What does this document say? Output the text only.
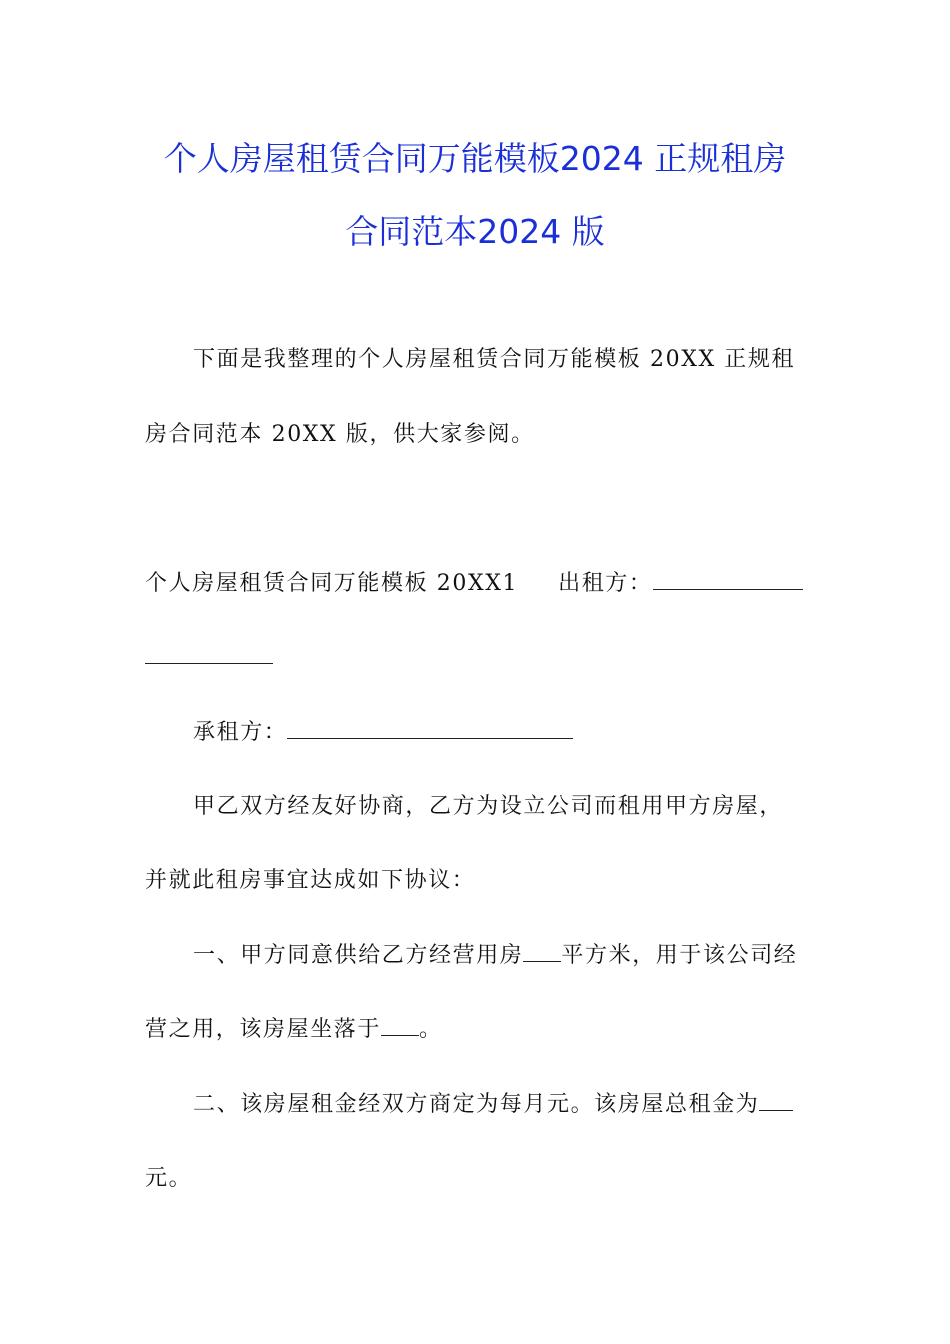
个人房屋租赁合同万能模板2024 正规租房
合同范本2024 版
下面是我整理的个人房屋租赁合同万能模板 20XX 正规租
房合同范本 20XX 版，供大家参阅。
个人房屋租赁合同万能模板 20XX1 出租方：
承租方：
甲乙双方经友好协商，乙方为设立公司而租用甲方房屋，
并就此租房事宜达成如下协议：
一、甲方同意供给乙方经营用房 平方米，用于该公司经
营之用，该房屋坐落于 。
二、该房屋租金经双方商定为每月元。该房屋总租金为
元。
